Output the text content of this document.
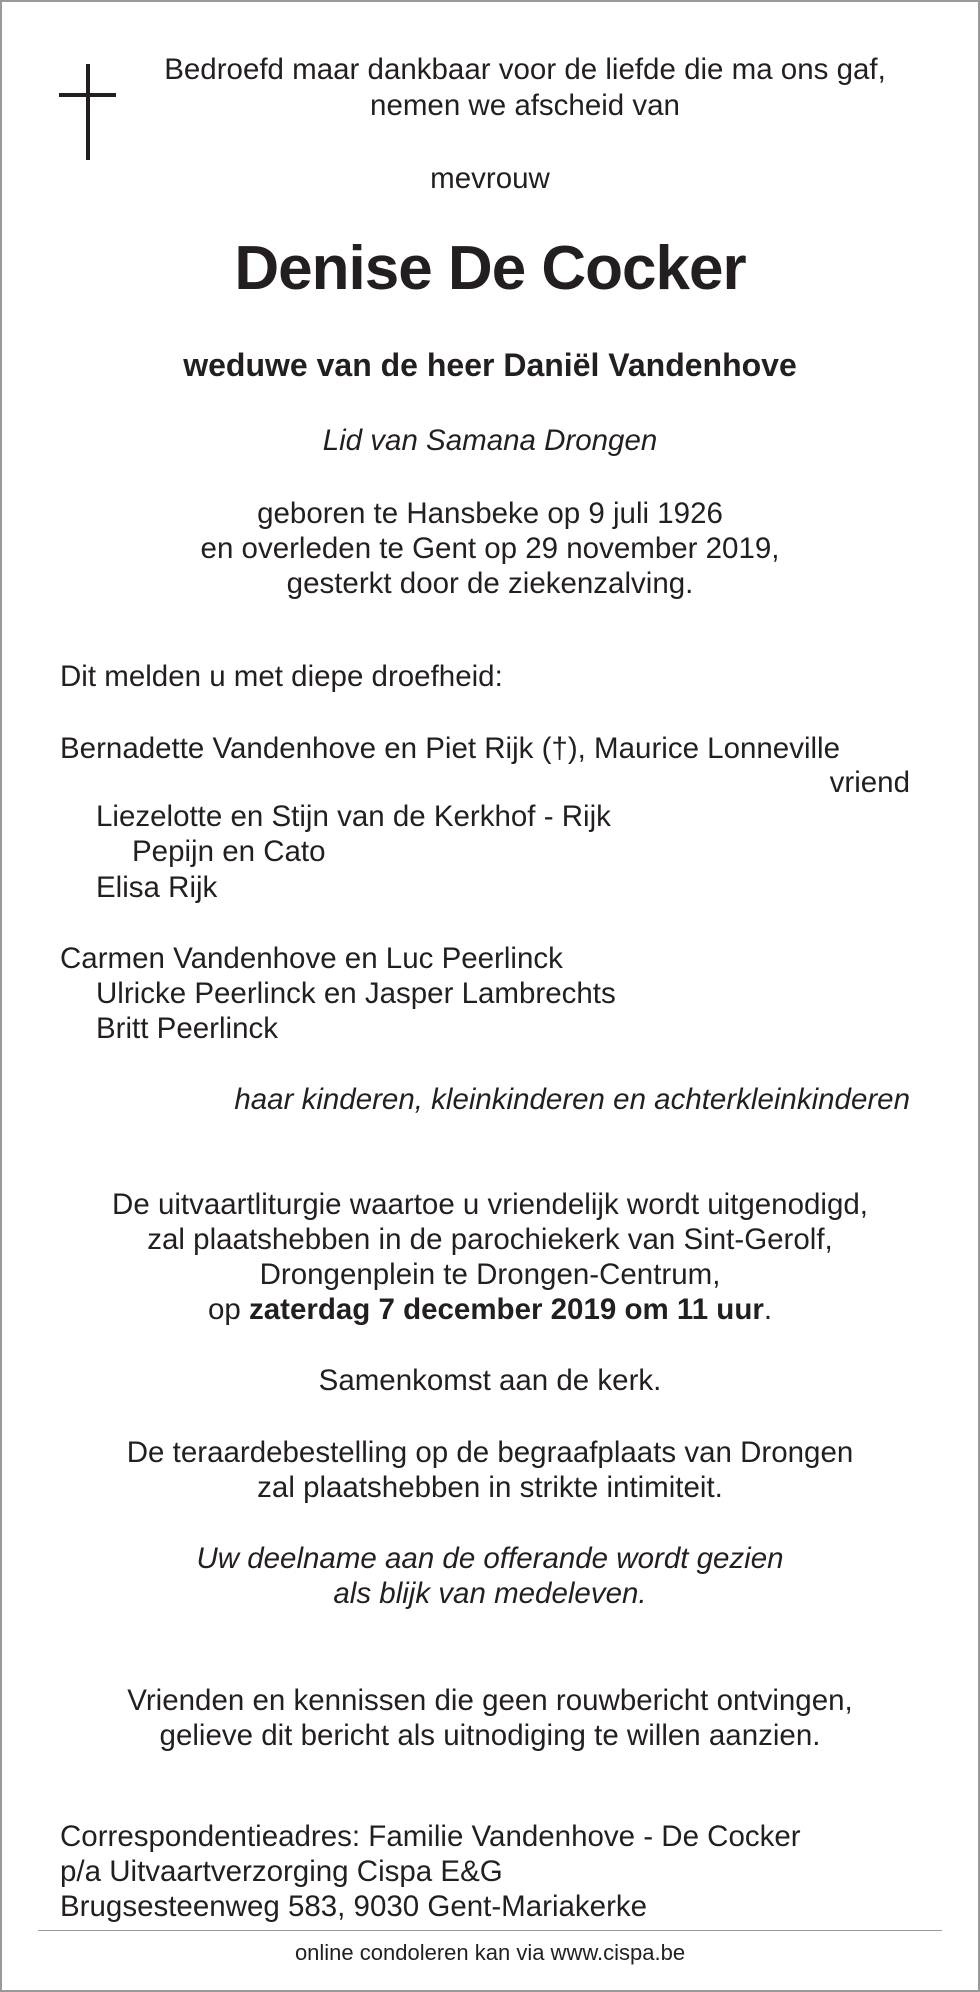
Bedroefd maar dankbaar voor de liefde die ma ons gaf,
nemen we afscheid van
mevrouw
Denise De Cocker
weduwe van de heer Daniël Vandenhove
Lid van Samana Drongen
geboren te Hansbeke op 9 juli 1926
en overleden te Gent op 29 november 2019,
gesterkt door de ziekenzalving.
Dit melden u met diepe droefheid:
Bernadette Vandenhove en Piet Rijk (†), Maurice Lonneville
vriend
Liezelotte en Stijn van de Kerkhof - Rijk
Pepijn en Cato
Elisa Rijk
Carmen Vandenhove en Luc Peerlinck
Ulricke Peerlinck en Jasper Lambrechts
Britt Peerlinck
haar kinderen, kleinkinderen en achterkleinkinderen
De uitvaartliturgie waartoe u vriendelijk wordt uitgenodigd,
zal plaatshebben in de parochiekerk van Sint-Gerolf,
Drongenplein te Drongen-Centrum,
op zaterdag 7 december 2019 om 11 uur.
Samenkomst aan de kerk.
De teraardebestelling op de begraafplaats van Drongen
zal plaatshebben in strikte intimiteit.
Uw deelname aan de offerande wordt gezien
als blijk van medeleven.
Vrienden en kennissen die geen rouwbericht ontvingen,
gelieve dit bericht als uitnodiging te willen aanzien.
Correspondentieadres: Familie Vandenhove - De Cocker
p/a Uitvaartverzorging Cispa E&G
Brugsesteenweg 583, 9030 Gent-Mariakerke
online condoleren kan via www.cispa.be
